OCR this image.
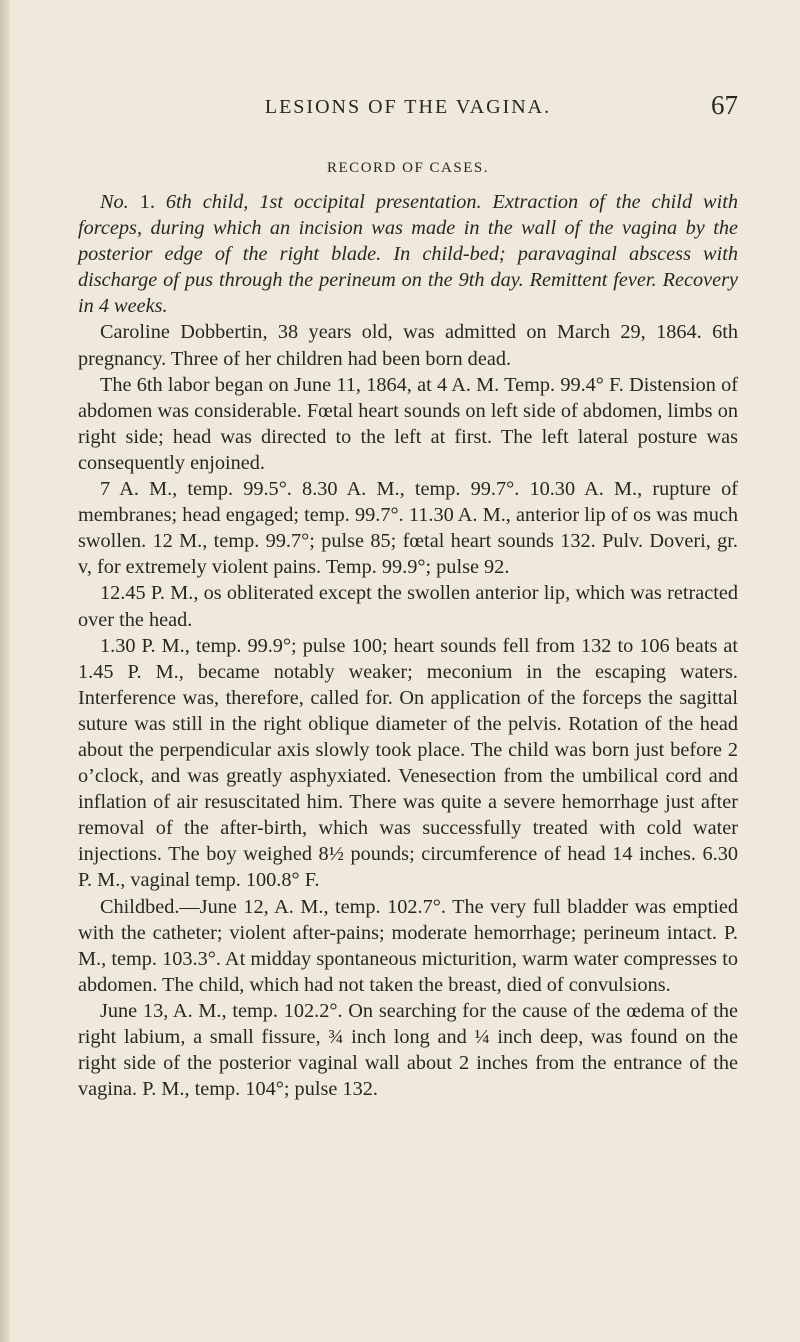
LESIONS OF THE VAGINA.	67
RECORD OF CASES.

No. 1. 6th child, 1st occipital presentation. Extraction of the child with forceps, during which an incision was made in the wall of the vagina by the posterior edge of the right blade. In child-bed; paravaginal abscess with discharge of pus through the perineum on the 9th day. Remittent fever. Recovery in 4 weeks.

Caroline Dobbertin, 38 years old, was admitted on March 29, 1864. 6th pregnancy. Three of her children had been born dead.

The 6th labor began on June 11, 1864, at 4 A. M. Temp. 99.4° F. Distension of abdomen was considerable. Fœtal heart sounds on left side of abdomen, limbs on right side; head was directed to the left at first. The left lateral posture was consequently enjoined.

7 A. M., temp. 99.5°. 8.30 A. M., temp. 99.7°. 10.30 A. M., rupture of membranes; head engaged; temp. 99.7°. 11.30 A. M., anterior lip of os was much swollen. 12 M., temp. 99.7°; pulse 85; fœtal heart sounds 132. Pulv. Doveri, gr. v, for extremely violent pains. Temp. 99.9°; pulse 92.

12.45 P. M., os obliterated except the swollen anterior lip, which was retracted over the head.

1.30 P. M., temp. 99.9°; pulse 100; heart sounds fell from 132 to 106 beats at 1.45 P. M., became notably weaker; meconium in the escaping waters. Interference was, therefore, called for. On application of the forceps the sagittal suture was still in the right oblique diameter of the pelvis. Rotation of the head about the perpendicular axis slowly took place. The child was born just before 2 o’clock, and was greatly asphyxiated. Venesection from the umbilical cord and inflation of air resuscitated him. There was quite a severe hemorrhage just after removal of the after-birth, which was successfully treated with cold water injections. The boy weighed 8½ pounds; circumference of head 14 inches. 6.30 P. M., vaginal temp. 100.8° F.

Childbed.—June 12, A. M., temp. 102.7°. The very full bladder was emptied with the catheter; violent after-pains; moderate hemorrhage; perineum intact. P. M., temp. 103.3°. At midday spontaneous micturition, warm water compresses to abdomen. The child, which had not taken the breast, died of convulsions.

June 13, A. M., temp. 102.2°. On searching for the cause of the œdema of the right labium, a small fissure, ¾ inch long and ¼ inch deep, was found on the right side of the posterior vaginal wall about 2 inches from the entrance of the vagina. P. M., temp. 104°; pulse 132.
